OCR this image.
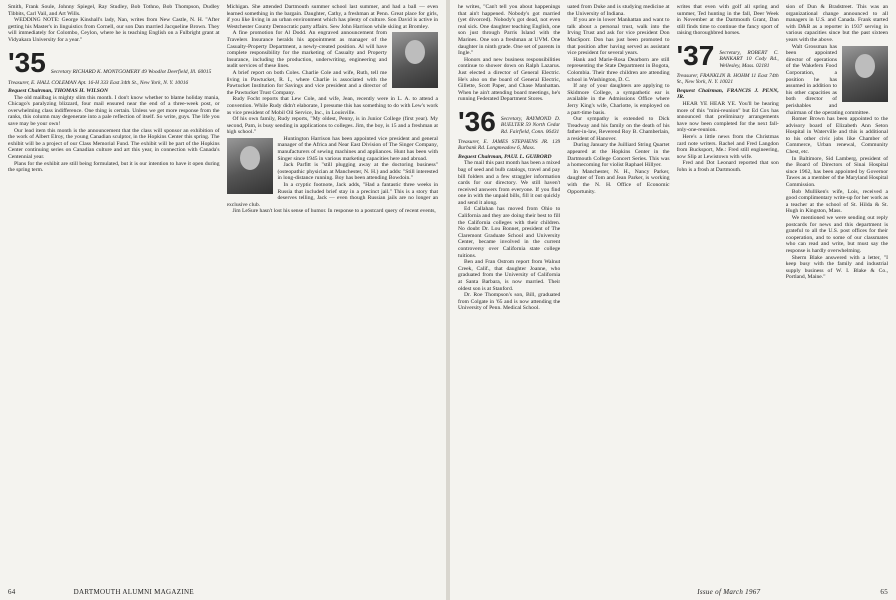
Smith, Frank Soule, Johnny Spiegel, Ray Studley, Bob Tothno, Bob Thompson, Dudley Tibbits, Carl Vail, and Art Wills.

WEDDING NOTE: George Kinshall's lady, Nan, writes from New Castle, N. H. "After getting his Master's in linguistics from Cornell, our son Dan married Jacqueline Brown. They will immediately for Colombo, Ceylon, where he is teaching English on a Fulbright grant at Vidyakara University for a year."

'35 Secretary RICHARD K. MONTGOMERY 49 Woodlot Deerfield, Ill. 60015
Treasurer, E. HALL COLEMAN Apt. 16-H 333 East 34th St., New York, N. Y. 10016
Bequest Chairman, THOMAS H. WILSON

The old mailbag is mighty slim this month. I don't know whether to blame holiday mania, Chicago's paralyzing blizzard, four mail ensured near the end of a three-week post, or overwhelming class indifference. One thing is certain. Unless we get more response from the ranks, this column may degenerate into a pale reflection of itself. So write, guys. The life you save may be your own!

Our lead item this month is the announcement that the class will sponsor an exhibition of the work of Albert Elroy, the young Canadian sculptor, in the Hopkins Center this spring. The exhibit will be a project of our Class Memorial Fund. The exhibit will be part of the Hopkins Center continuing series on Canadian culture and art this year, in connection with Canada's Centennial year.

Plans for the exhibit are still being formulated, but it is our intention to have it open during the spring term.

Michigan. She attended Dartmouth summer school last summer, and had a ball — even learned something in the bargain. Daughter, Cathy, a freshman at Penn. Great place for girls, if you like living in an urban environment which has plenty of culture. Son David is active in Westchester County Democratic party affairs. Sew John Harrison while skiing at Bromley.

A fine promotion for Al Dodd. An engraved announcement from Travelers Insurance heralds his appointment as manager of the Casualty-Property Department, a newly-created position. Al will have complete responsibility for the marketing of Casualty and Property Insurance, including the production, underwriting, engineering and audit services of these lines.

A brief report on both Coles. Charlie Cole and wife, Ruth, tell me living in Pawtucket, R. I., where Charlie is associated with the Pawtucket Institution for Savings and vice president and a director of the Pawtucket Trust Company.

Rudy Focht reports that Lew Cole, and wife, Jean, recently were in L. A. to attend a convention. While Rudy didn't elaborate, I presume this has something to do with Lew's work as vice president of Mobil Oil Service, Inc., in Louisville.

Of his own family, Rudy reports, "My oldest, Penny, is in Junior College (first year). My second, Pam, is busy sending in applications to colleges. Jim, the boy, is 15 and a freshman at high school."

Huntington Harrison has been appointed vice president and general manager of the Africa and Near East Division of The Singer Company, manufacturers of sewing machines and appliances. Hunt has been with Singer since 1945 in various marketing capacities here and abroad.

Jack Parfitt is "still plugging away at the doctoring business" (osteopathic physician at Manchester, N. H.) and adds: "Still interested in long-distance running. Boy has been attending Bowdoin."

In a cryptic footnote, Jack adds, "Had a fantastic three weeks in Russia that included brief stay in a precinct jail." This is a story that deserves telling, Jack — even though Russian jails are no longer an exclusive club.

Jim LeSure hasn't lost his sense of humor. In response to a postcard query of recent events,

64	DARTMOUTH ALUMNI MAGAZINE

he writes, "Can't tell you about happenings that ain't happened. Nobody's got married (yet divorced). Nobody's got dead, not even real sick. One daughter teaching English, one son just through Parris Island with the Marines. One son a freshman at UVM. One daughter in ninth grade. One set of parents in Ingle."

Honors and new business responsibilities continue to shower down on Ralph Lazarus. Just elected a director of General Electric. He's also on the board of General Electric, Gillette, Scott Paper, and Chase Manhattan. When he ain't attending board meetings, he's running Federated Department Stores.

'36 Secretary, RAYMOND D. BUELTER 59 North Cedar Rd. Fairfield, Conn. 06431
Treasurer, E. JAMES STEPHENS JR. 139 Burbank Rd. Longmeadow 6, Mass.
Bequest Chairman, PAUL L. GUIBORD

The mail this past month has been a mixed bag of seed and bulb catalogs, travel and pay bill folders and a few straggler information cards for our directory. We still haven't received answers from everyone. If you find one in with the unpaid bills, fill it out quickly and send it along.

Ed Callahan has moved from Ohio to California and they are doing their best to fill the California colleges with their children. No doubt Dr. Lou Bonnet, president of The Claremont Graduate School and University Center, became involved in the current controversy over California state college tuitions.

Ben and Fran Ostrom report from Walnut Creek, Calif., that daughter Joanne, who graduated from the University of California at Santa Barbara, is now married. Their oldest son is at Stanford.

Dr. Roe Thompson's son, Bill, graduated from Colgate in '65 and is now attending the University of Penn. Medical School.

uated from Duke and is studying medicine at the University of Indiana.

If you are in lower Manhattan and want to talk about a personal trust, walk into the Irving Trust and ask for vice president Don MacSporr. Don has just been promoted to that position after having served as assistant vice president for several years.

Hank and Marie-Rosa Dearborn are still representing the State Department in Bogota, Colombia. Their three children are attending school in Washington, D. C.

If any of your daughters are applying to Skidmore College, a sympathetic ear is available in the Admissions Office where Jerry King's wife, Charlotte, is employed on a part-time basis.

Our sympathy is extended to Dick Treadway and his family on the death of his father-in-law, Reverend Roy B. Chamberlain, a resident of Hanover.

During January the Juilliard String Quartet appeared at the Hopkins Center in the Dartmouth College Concert Series. This was a homecoming for violist Raphael Hillyer.

In Manchester, N. H., Nancy Parker, daughter of Tom and Jean Parker, is working with the N. H. Office of Economic Opportunity.

writes that even with golf all spring and summer, Ted hunting in the fall, Deer Week in November at the Dartmouth Grant, Dan still finds time to continue the fancy sport of raising thoroughbred horses.

'37 Secretary, ROBERT C. BANKART 10 Cody Rd., Wellesley, Mass. 02181
Treasurer, FRANKLIN B. HOHM 11 East 74th St., New York, N. Y. 10021
Bequest Chairman, FRANCIS J. PENN, JR.

HEAR YE HEAR YE. You'll be hearing more of this "mini-reunion" but Ed Cox has announced that preliminary arrangements have now been completed for the next fall-only-one-reunion.

Here's a little news from the Christmas card note writers. Rachel and Fred Langdon from Bucksport, Me.: Fred still engineering, now Slip at Lewistown with wife.

Fred and Dot Leonard reported that son John is a frosh at Dartmouth.

sion of Dun & Bradstreet. This was an organizational change announced to all managers in U.S. and Canada. Frank started with D&B as a reporter in 1937 serving in various capacities since but the past sixteen years with the above.

Walt Grossman has been appointed director of operations of the Wakefern Food Corporation, a position he has assumed in addition to his other capacities as both director of perishables and chairman of the operating committee.

Romer Brown has been appointed to the advisory board of Elizabeth Ann Seton Hospital in Waterville and this is additional to his other civic jobs like Chamber of Commerce, Urban renewal, Community Chest, etc.

In Baltimore, Sid Lamberg, president of the Board of Directors of Sinai Hospital since 1962, has been appointed by Governor Tawes as a member of the Maryland Hospital Commission.

Bob Mulliken's wife, Lois, received a good complimentary write-up for her work as a teacher at the school of St. Hilda & St. Hugh in Kingston, Mass.

We mentioned we were sending out reply postcards for news and this department is grateful to all the U.S. post offices for their cooperation, and to some of our classmates who can read and write, but must say the response is hardly overwhelming.

Sherm Blake answered with a letter, "I keep busy with the family and industrial supply business of W. I. Blake & Co., Portland, Maine."

Issue of March 1967	65
